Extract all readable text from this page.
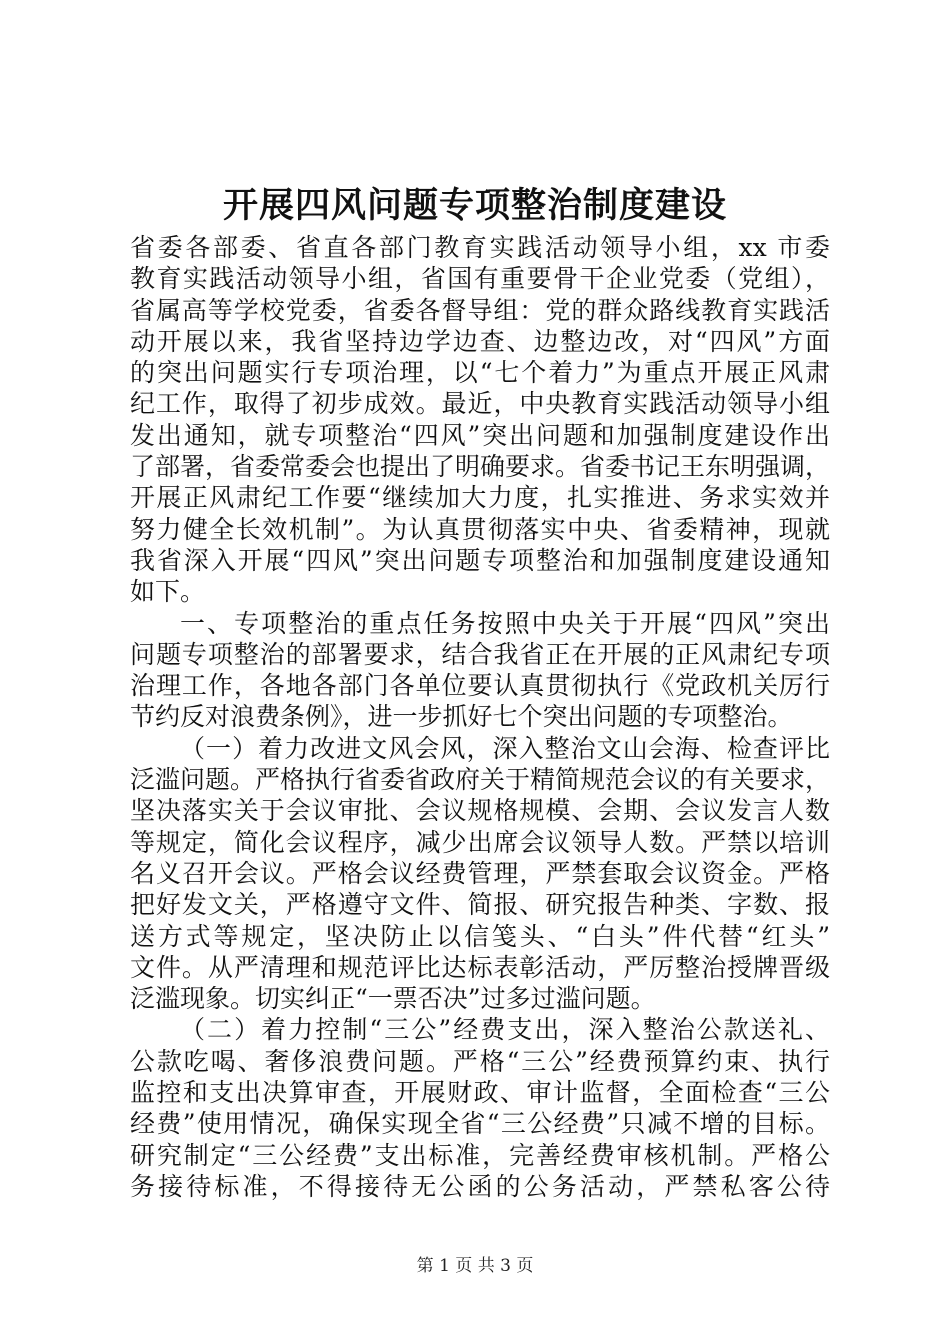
开展四风问题专项整治制度建设
省委各部委、省直各部门教育实践活动领导小组，xx 市委
教育实践活动领导小组，省国有重要骨干企业党委（党组），
省属高等学校党委，省委各督导组：党的群众路线教育实践活
动开展以来，我省坚持边学边查、边整边改，对“四风”方面
的突出问题实行专项治理，以“七个着力”为重点开展正风肃
纪工作，取得了初步成效。最近，中央教育实践活动领导小组
发出通知，就专项整治“四风”突出问题和加强制度建设作出
了部署，省委常委会也提出了明确要求。省委书记王东明强调，
开展正风肃纪工作要“继续加大力度，扎实推进、务求实效并
努力健全长效机制”。为认真贯彻落实中央、省委精神，现就
我省深入开展“四风”突出问题专项整治和加强制度建设通知
如下。
一、专项整治的重点任务按照中央关于开展“四风”突出
问题专项整治的部署要求，结合我省正在开展的正风肃纪专项
治理工作，各地各部门各单位要认真贯彻执行《党政机关厉行
节约反对浪费条例》，进一步抓好七个突出问题的专项整治。
（一）着力改进文风会风，深入整治文山会海、检查评比
泛滥问题。严格执行省委省政府关于精简规范会议的有关要求，
坚决落实关于会议审批、会议规格规模、会期、会议发言人数
等规定，简化会议程序，减少出席会议领导人数。严禁以培训
名义召开会议。严格会议经费管理，严禁套取会议资金。严格
把好发文关，严格遵守文件、简报、研究报告种类、字数、报
送方式等规定，坚决防止以信笺头、“白头”件代替“红头”
文件。从严清理和规范评比达标表彰活动，严厉整治授牌晋级
泛滥现象。切实纠正“一票否决”过多过滥问题。
（二）着力控制“三公”经费支出，深入整治公款送礼、
公款吃喝、奢侈浪费问题。严格“三公”经费预算约束、执行
监控和支出决算审查，开展财政、审计监督，全面检查“三公
经费”使用情况，确保实现全省“三公经费”只减不增的目标。
研究制定“三公经费”支出标准，完善经费审核机制。严格公
务接待标准，不得接待无公函的公务活动，严禁私客公待
第 1 页 共 3 页
